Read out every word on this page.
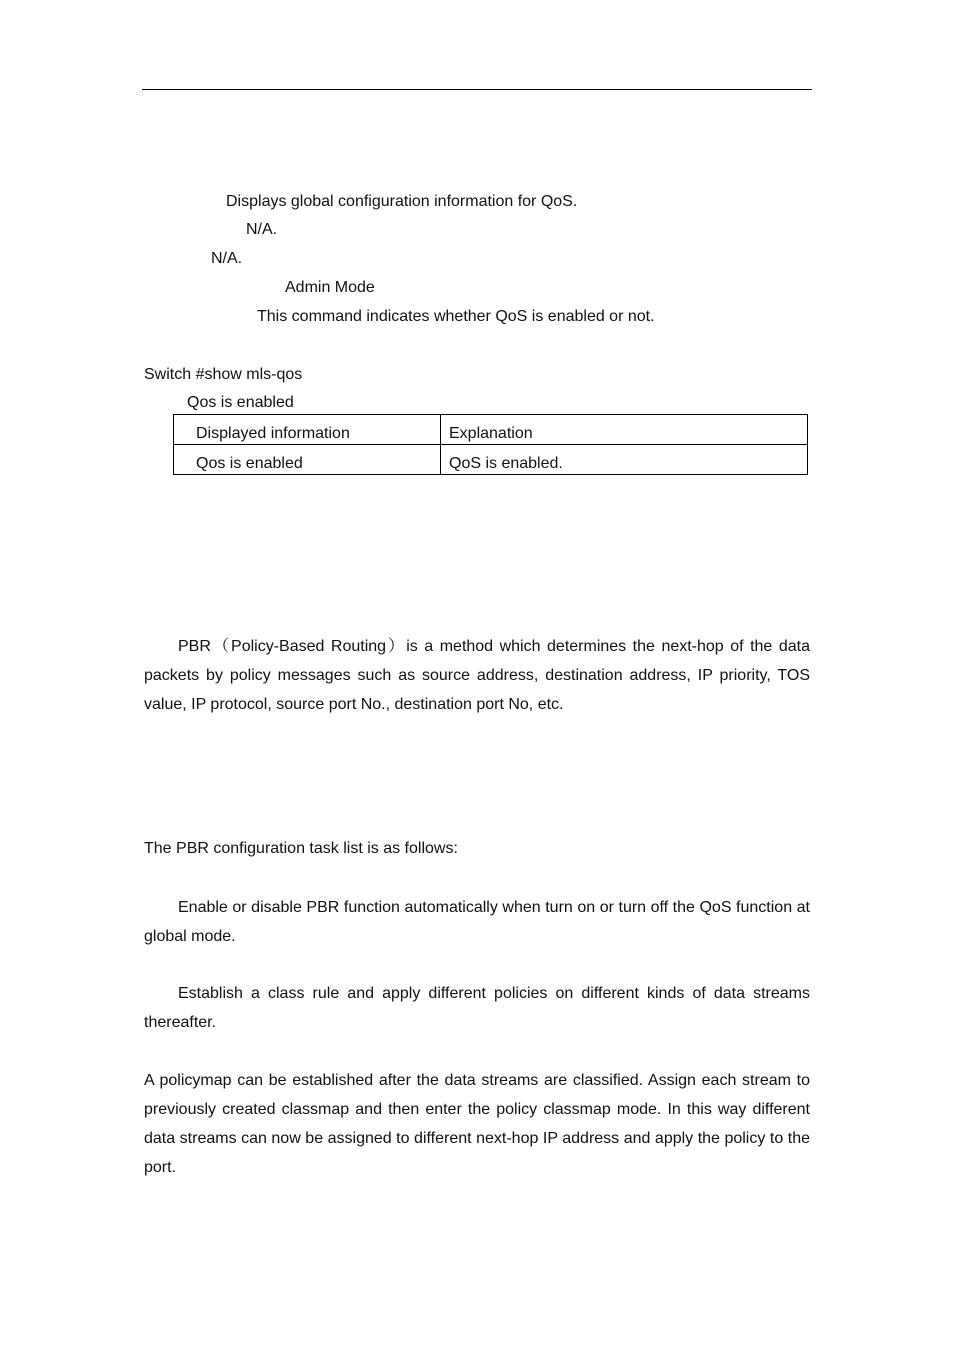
Displays global configuration information for QoS.
N/A.
N/A.
Admin Mode
This command indicates whether QoS is enabled or not.
Switch #show mls-qos
Qos is enabled
Displayed information	Explanation
Qos is enabled	QoS is enabled.
PBR（Policy-Based Routing）is a method which determines the next-hop of the data packets by policy messages such as source address, destination address, IP priority, TOS value, IP protocol, source port No., destination port No, etc.
The PBR configuration task list is as follows:
Enable or disable PBR function automatically when turn on or turn off the QoS function at global mode.
Establish a class rule and apply different policies on different kinds of data streams thereafter.
A policymap can be established after the data streams are classified. Assign each stream to previously created classmap and then enter the policy classmap mode. In this way different data streams can now be assigned to different next-hop IP address and apply the policy to the port.
